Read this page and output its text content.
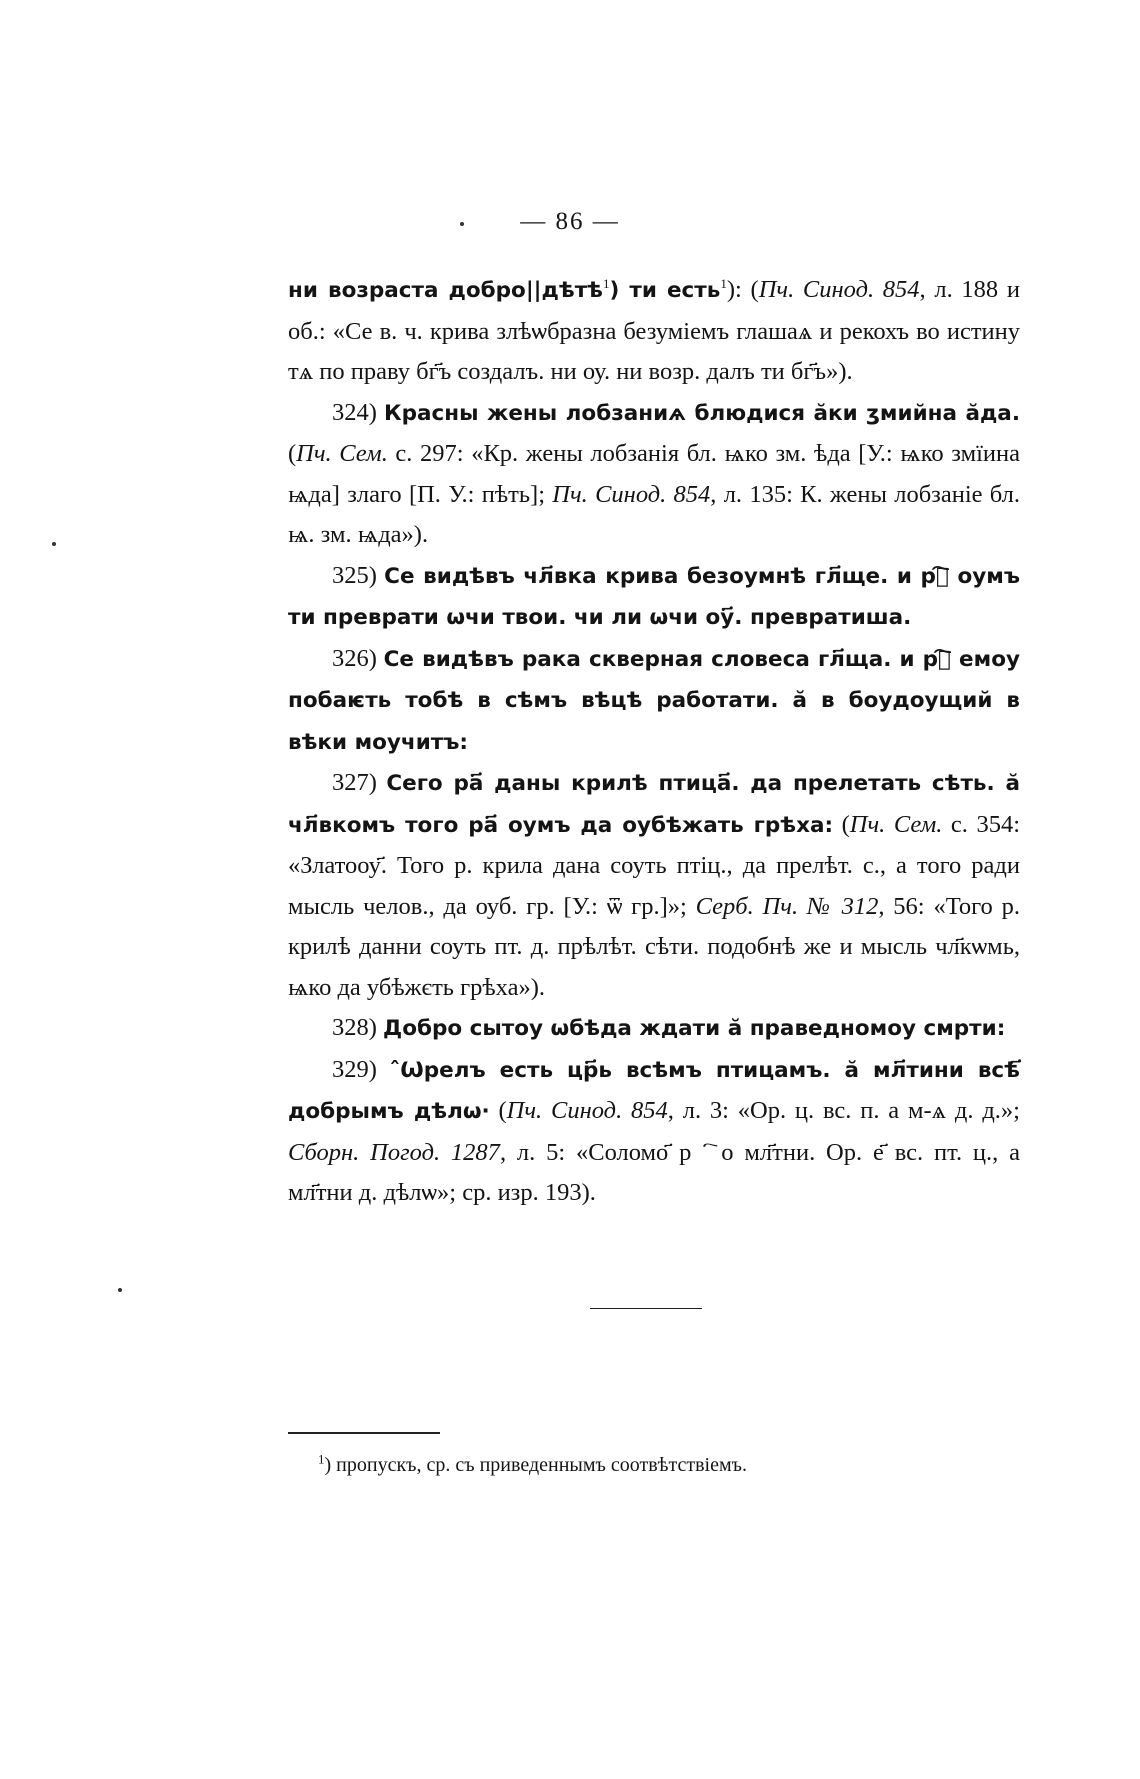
— 86 —

ни возраста добро||дѣтѣ$^1$) ти есть$^1$): (Пч. Синод. 854, л. 188 и об.: «Се в. ч. крива злѣѡбразна безуміемъ глашаѧ и рекохъ во истину тѧ по праву бг҃ъ создалъ. ни оу. ни возр. далъ ти бг҃ъ»).

324) Красны жены лобзаниѧ блюдися ӑки ӡмийна ӑда. (Пч. Сем. с. 297: «Кр. жены лобзанія бл. ѩко зм. ѣда [У.: ѩко змїина ѩда] злаго [П. У.: пѣть]; Пч. Синод. 854, л. 135: К. жены лобзаніе бл. ѩ. зм. ѩда»).

325) Се видѣвъ чл҃вка крива безоумнѣ гл҃ще. и рⷱ҇ оумъ ти преврати ѡчи твои. чи ли ѡчи оу҃. превратиша.

326) Се видѣвъ рака скверная словеса гл҃ща. и рⷱ҇ емоу побаѥть тобѣ в сѣмъ вѣцѣ работати. ӑ в боудоущий в вѣки моучитъ:

327) Сего ра҃ даны крилѣ птица҃. да прелетать сѣть. ӑ чл҃вкомъ того ра҃ оумъ да оубѣжать грѣха: (Пч. Сем. с. 354: «Златооу҃. Того р. крила дана соуть птіц., да прелѣт. с., а того ради мысль челов., да оуб. гр. [У.: ѿ гр.]»; Серб. Пч. № 312, 56: «Того р. крилѣ данни соуть пт. д. прѣлѣт. сѣти. подобнѣ же и мысль чл҃кѡмь, ѩко да убѣжєть грѣха»).

328) Добро сытоу ѡбѣда ждати ӑ праведномоу смрти:

329) ˆѠрелъ есть цр҃ь всѣмъ птицамъ. ӑ мл҃тини всѣ҃ добрымъ дѣлѡ· (Пч. Синод. 854, л. 3: «Ор. ц. вс. п. а м-ѧ д. д.»; Сборн. Погод. 1287, л. 5: «Соломо҃ рⷱ҇ о мл҃тни. Ор. е҃ вс. пт. ц., а мл҃тни д. дѣлѡ»; ср. изр. 193).

$^1$) пропускъ, ср. съ приведеннымъ соотвѣтствіемъ.
